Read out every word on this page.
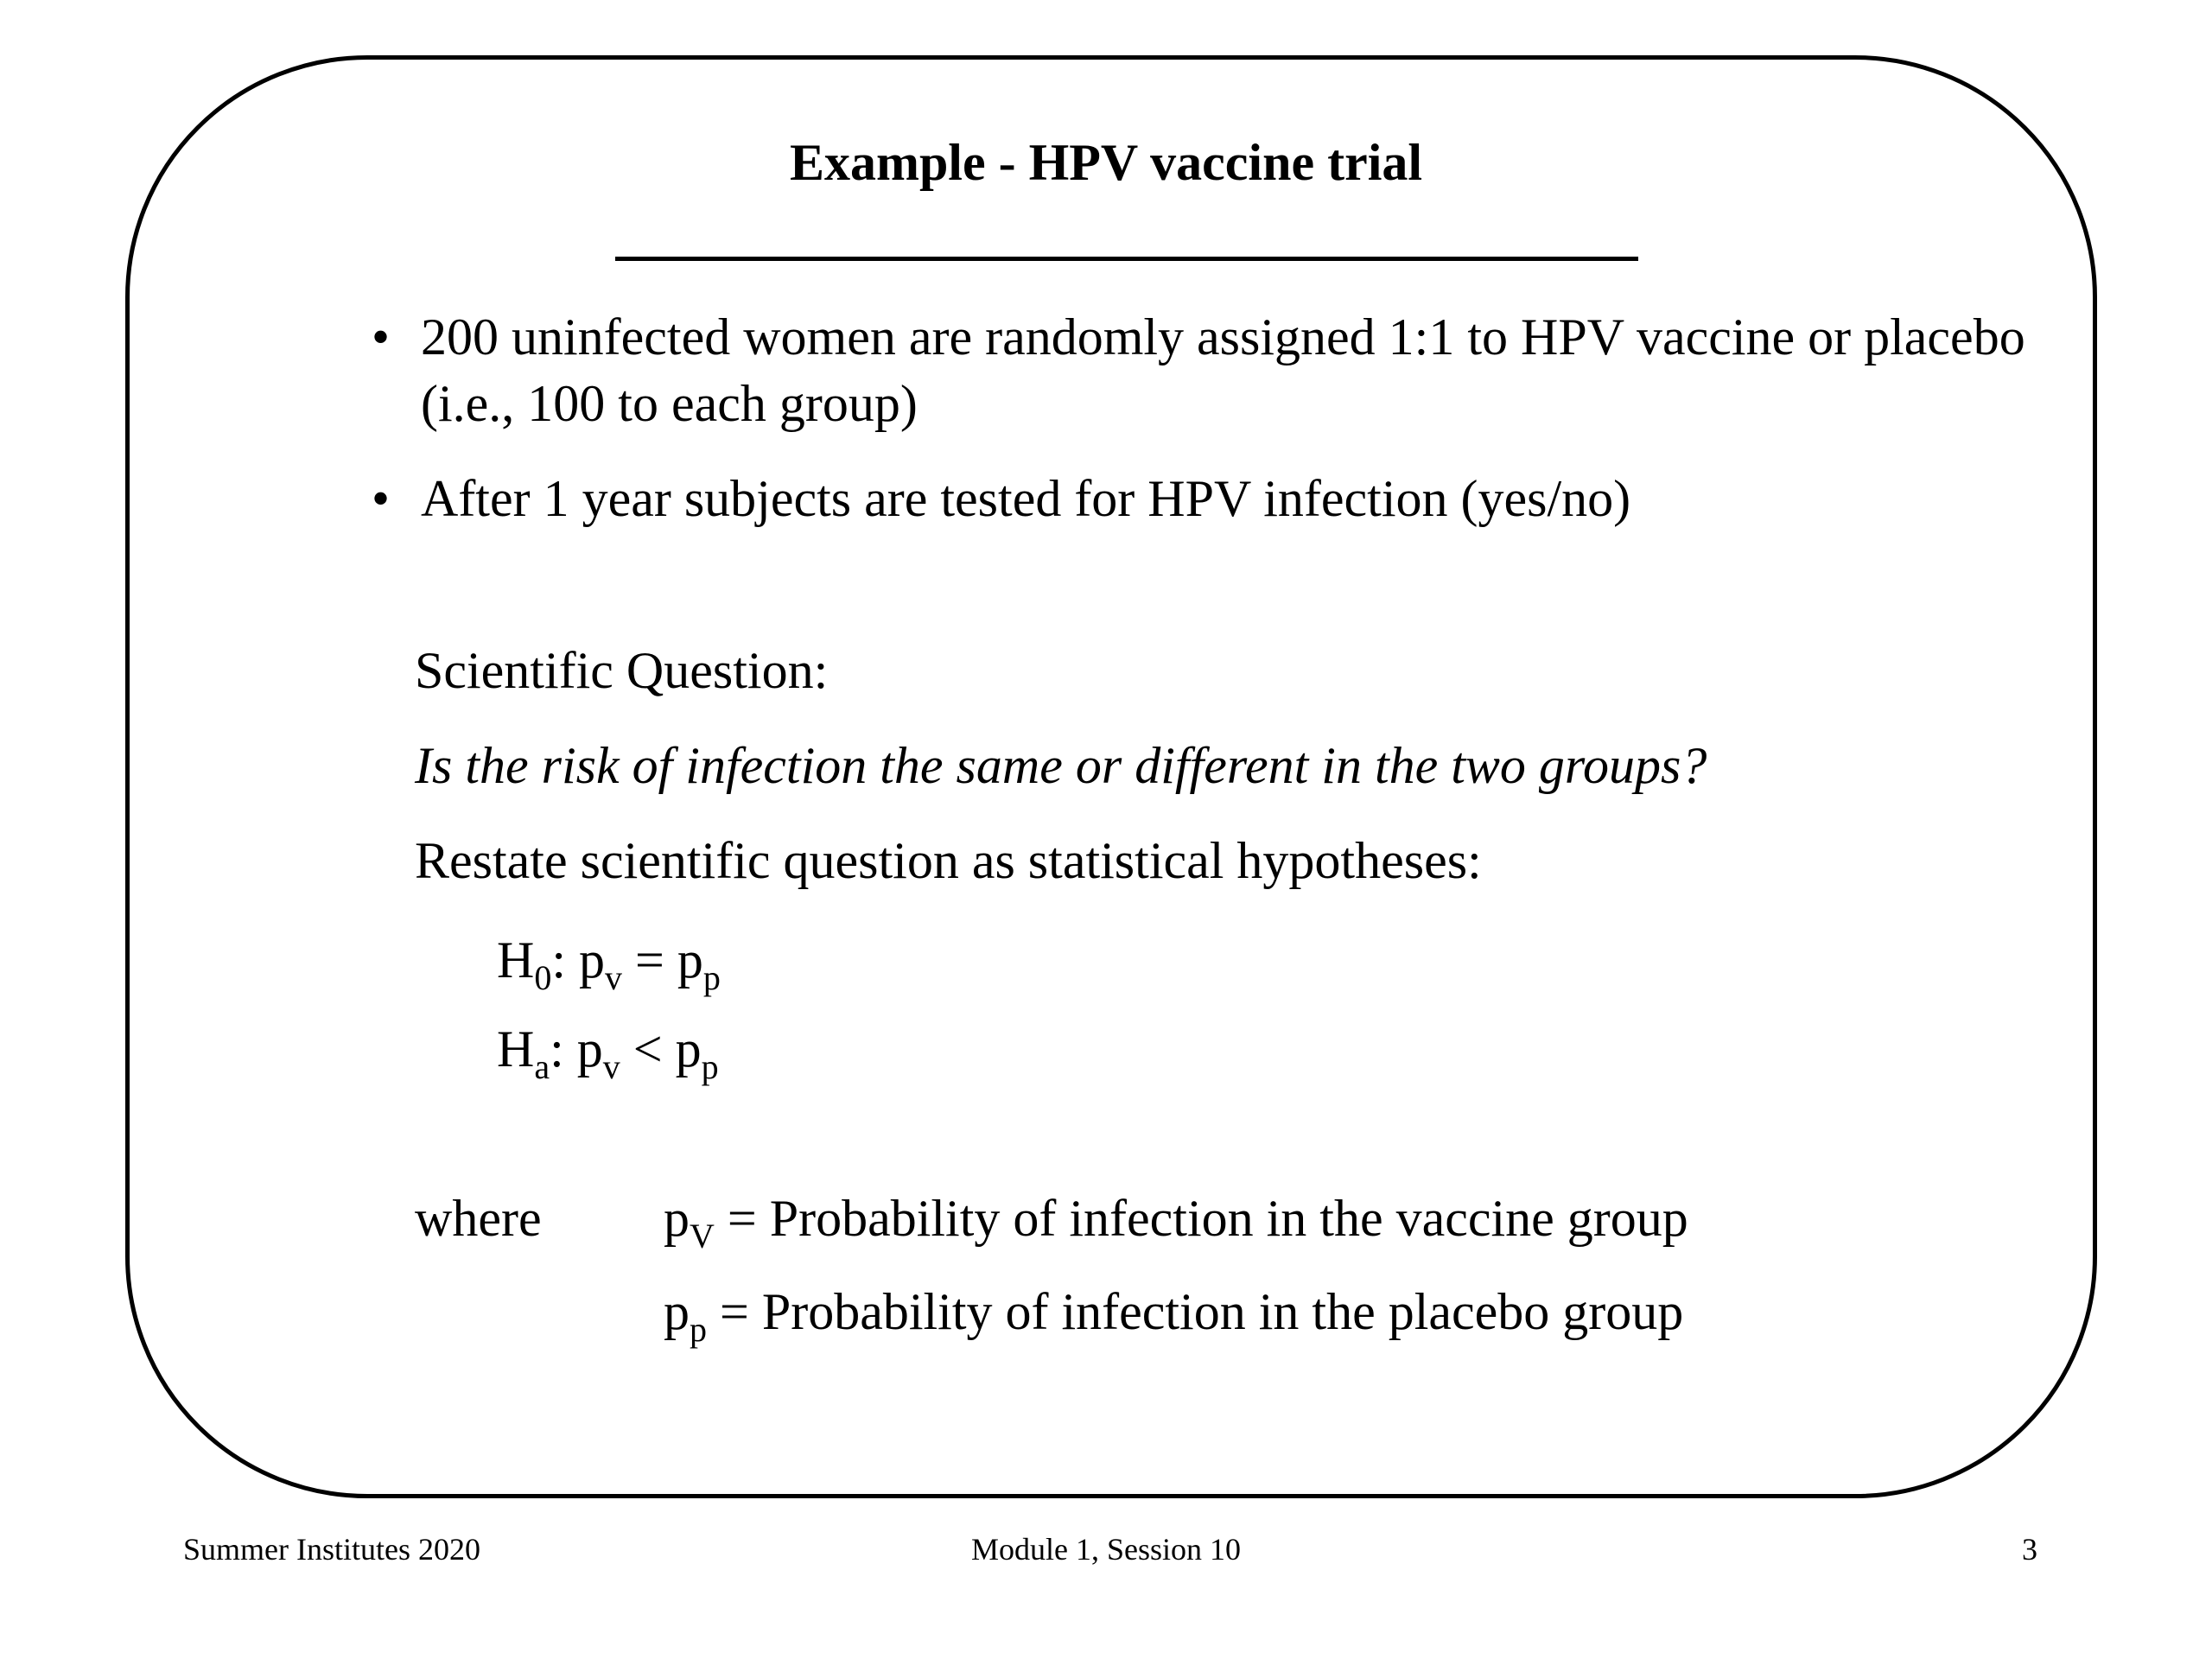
Example - HPV vaccine trial
• 200 uninfected women are randomly assigned 1:1 to HPV vaccine or placebo (i.e., 100 to each group)
• After 1 year subjects are tested for HPV infection (yes/no)

Scientific Question:

Is the risk of infection the same or different in the two groups?

Restate scientific question as statistical hypotheses:

$H_0$: $p_v = p_p$

$H_a$: $p_v < p_p$

where $p_V$ = Probability of infection in the vaccine group

$p_p$ = Probability of infection in the placebo group

Summer Institutes 2020	Module 1, Session 10	3
